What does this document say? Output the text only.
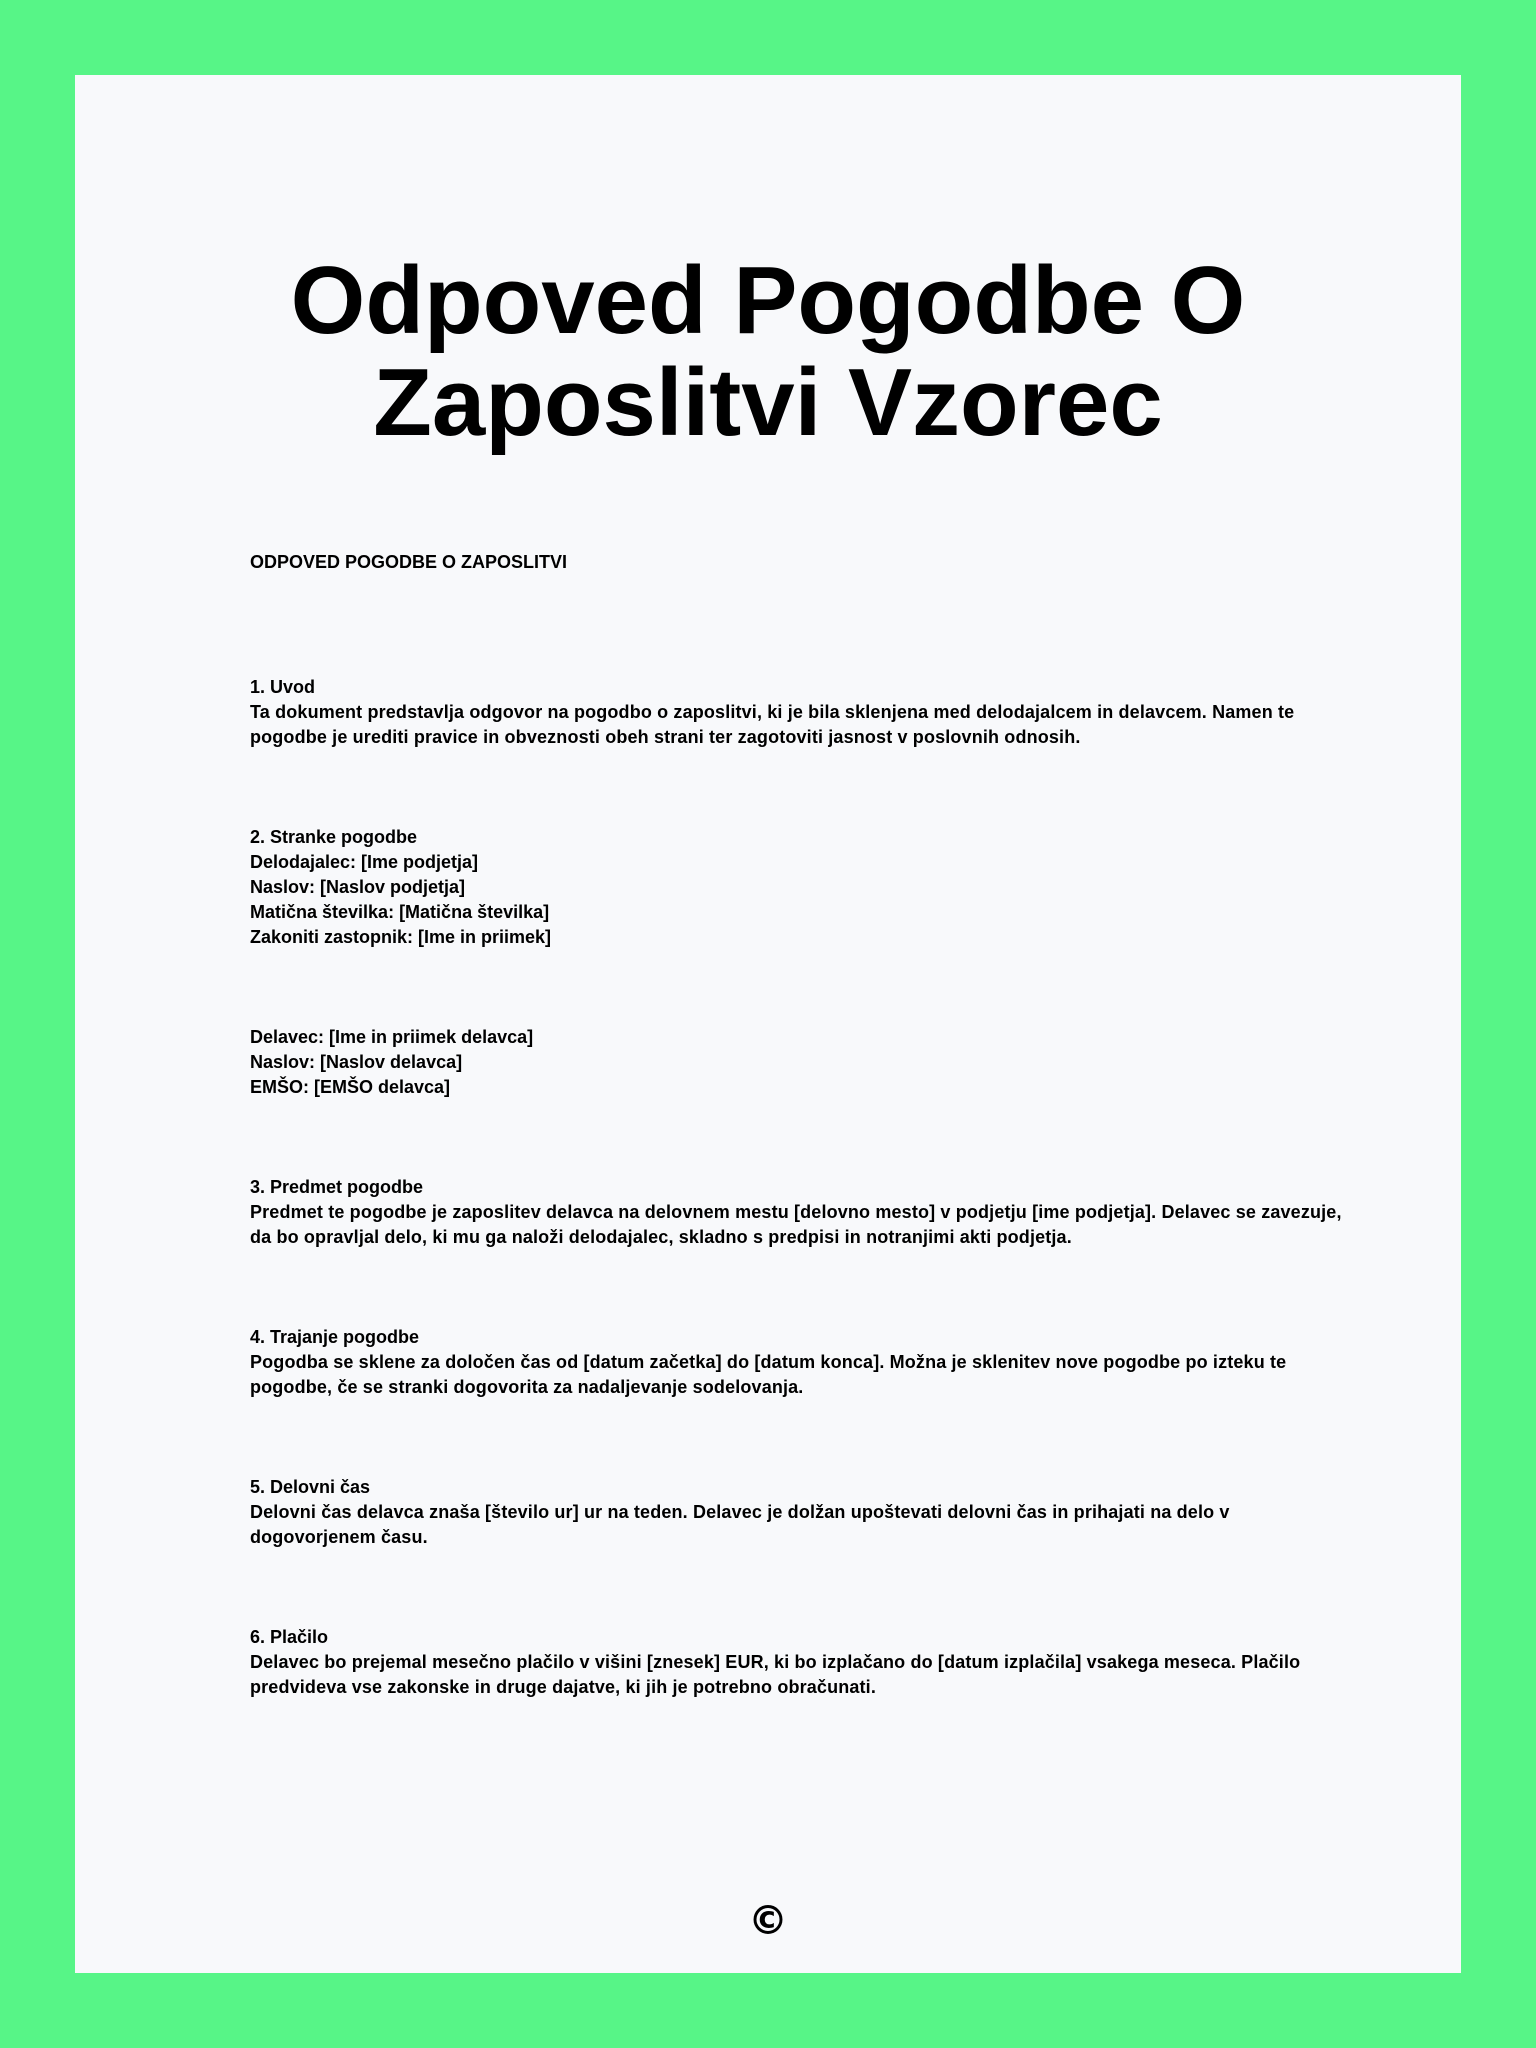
Odpoved Pogodbe O
Zaposlitvi Vzorec
ODPOVED POGODBE O ZAPOSLITVI
1. Uvod
Ta dokument predstavlja odgovor na pogodbo o zaposlitvi, ki je bila sklenjena med delodajalcem in delavcem. Namen te pogodbe je urediti pravice in obveznosti obeh strani ter zagotoviti jasnost v poslovnih odnosih.
2. Stranke pogodbe
Delodajalec: [Ime podjetja]
Naslov: [Naslov podjetja]
Matična številka: [Matična številka]
Zakoniti zastopnik: [Ime in priimek]
Delavec: [Ime in priimek delavca]
Naslov: [Naslov delavca]
EMŠO: [EMŠO delavca]
3. Predmet pogodbe
Predmet te pogodbe je zaposlitev delavca na delovnem mestu [delovno mesto] v podjetju [ime podjetja]. Delavec se zavezuje, da bo opravljal delo, ki mu ga naloži delodajalec, skladno s predpisi in notranjimi akti podjetja.
4. Trajanje pogodbe
Pogodba se sklene za določen čas od [datum začetka] do [datum konca]. Možna je sklenitev nove pogodbe po izteku te pogodbe, če se stranki dogovorita za nadaljevanje sodelovanja.
5. Delovni čas
Delovni čas delavca znaša [število ur] ur na teden. Delavec je dolžan upoštevati delovni čas in prihajati na delo v dogovorjenem času.
6. Plačilo
Delavec bo prejemal mesečno plačilo v višini [znesek] EUR, ki bo izplačano do [datum izplačila] vsakega meseca. Plačilo predvideva vse zakonske in druge dajatve, ki jih je potrebno obračunati.
©
